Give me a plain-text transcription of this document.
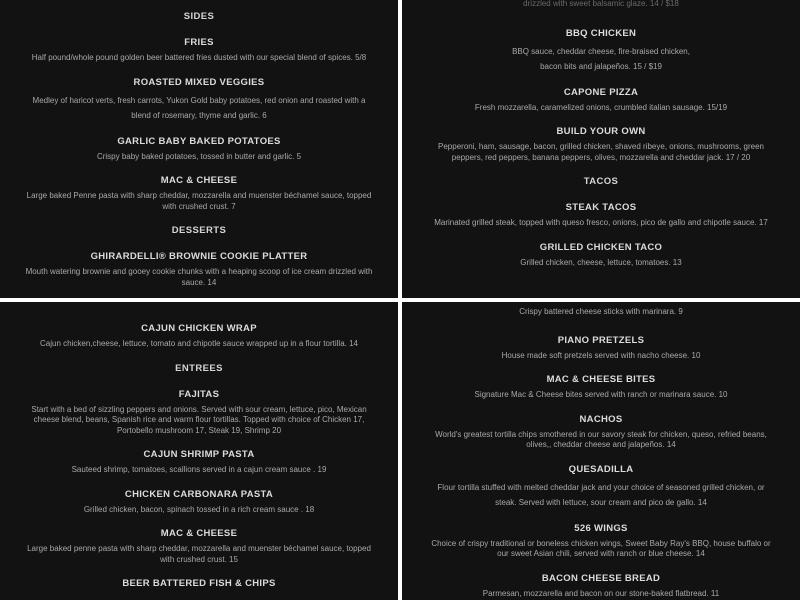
SIDES
FRIES
Half pound/whole pound golden beer battered fries dusted with our special blend of spices. 5/8
ROASTED MIXED VEGGIES
Medley of haricot verts, fresh carrots, Yukon Gold baby potatoes, red onion and roasted with a blend of rosemary, thyme and garlic. 6
GARLIC BABY BAKED POTATOES
Crispy baby baked potatoes, tossed in butter and garlic. 5
MAC & CHEESE
Large baked Penne pasta with sharp cheddar, mozzarella and muenster béchamel sauce, topped with crushed crust. 7
DESSERTS
GHIRARDELLI® BROWNIE COOKIE PLATTER
Mouth watering brownie and gooey cookie chunks with a heaping scoop of ice cream drizzled with
sauce. 14
drizzled with sweet balsamic glaze. 14 / $18
BBQ CHICKEN
BBQ sauce, cheddar cheese, fire-braised chicken, bacon bits and jalapeños. 15 / $19
CAPONE PIZZA
Fresh mozzarella, caramelized onions, crumbled italian sausage. 15/19
BUILD YOUR OWN
Pepperoni, ham, sausage, bacon, grilled chicken, shaved ribeye, onions, mushrooms, green peppers, red peppers, banana peppers, olives, mozzarella and cheddar jack. 17 / 20
TACOS
STEAK TACOS
Marinated grilled steak, topped with queso fresco, onions, pico de gallo and chipotle sauce. 17
GRILLED CHICKEN TACO
Grilled chicken, cheese, lettuce, tomatoes. 13
CAJUN CHICKEN WRAP
Cajun chicken,cheese, lettuce, tomato and chipotle sauce wrapped up in a flour tortilla. 14
ENTREES
FAJITAS
Start with a bed of sizzling peppers and onions. Served with sour cream, lettuce, pico, Mexican cheese blend, beans, Spanish rice and warm flour tortillas. Topped with choice of Chicken 17, Portobello mushroom 17, Steak 19, Shrimp 20
CAJUN SHRIMP PASTA
Sauteed shrimp, tomatoes, scallions served in a cajun cream sauce . 19
CHICKEN CARBONARA PASTA
Grilled chicken, bacon, spinach tossed in a rich cream sauce . 18
MAC & CHEESE
Large baked penne pasta with sharp cheddar, mozzarella and muenster béchamel sauce, topped with crushed crust. 15
BEER BATTERED FISH & CHIPS
Crispy battered cheese sticks with marinara. 9
PIANO PRETZELS
House made soft pretzels served with nacho cheese. 10
MAC & CHEESE BITES
Signature Mac & Cheese bites served with ranch or marinara sauce. 10
NACHOS
World's greatest tortilla chips smothered in our savory steak for chicken, queso, refried beans, olives,, cheddar cheese and jalapeños. 14
QUESADILLA
Flour tortilla stuffed with melted cheddar jack and your choice of seasoned grilled chicken, or steak. Served with lettuce, sour cream and pico de gallo. 14
526 WINGS
Choice of crispy traditional or boneless chicken wings, Sweet Baby Ray's BBQ, house buffalo or our sweet Asian chili, served with ranch or blue cheese. 14
BACON CHEESE BREAD
Parmesan, mozzarella and bacon on our stone-baked flatbread. 11
